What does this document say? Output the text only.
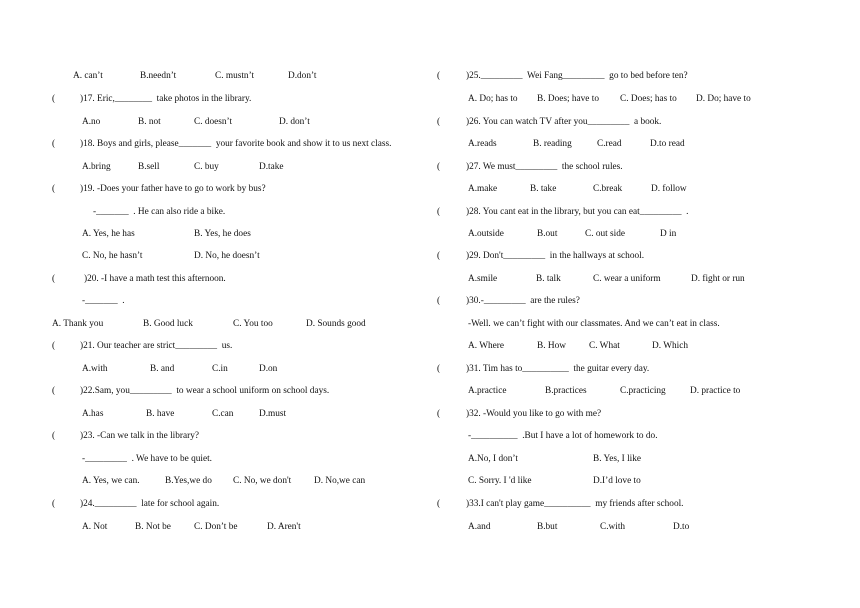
A. can’t	B.needn’t	C. mustn’t	D.don’t
(	)17. Eric,________  take photos in the library.
A.no	B. not	C. doesn’t	D. don’t
(	)18. Boys and girls, please_______  your favorite book and show it to us next class.
A.bring	B.sell	C. buy	D.take
(	)19. -Does your father have to go to work by bus?
-_______  . He can also ride a bike.
A. Yes, he has	B. Yes, he does
C. No, he hasn’t	D. No, he doesn’t
(	)20. -I have a math test this afternoon.
-_______  .
A. Thank you	B. Good luck	C. You too	D. Sounds good
(	)21. Our teacher are strict_________  us.
A.with	B. and	C.in	D.on
(	)22.Sam, you_________  to wear a school uniform on school days.
A.has	B. have	C.can	D.must
(	)23. -Can we talk in the library?
-_________  . We have to be quiet.
A. Yes, we can.	B.Yes,we do C. No, we don't D. No,we can
(	)24._________  late for school again.
A. Not	B. Not be C. Don’t be	D. Aren't
(	)25._________  Wei Fang_________  go to bed before ten?
A. Do; has to B. Does; have to C. Does; has to D. Do; have to
(	)26. You can watch TV after you_________  a book.
A.reads	B. reading	C.read	D.to read
(	)27. We must_________  the school rules.
A.make	B. take	C.break	D. follow
(	)28. You cant eat in the library, but you can eat_________  .
A.outside	B.out	C. out side	D in
(	)29. Don't_________  in the hallways at school.
A.smile	B. talk	C. wear a uniform	D. fight or run
(	)30.-_________  are the rules?
-Well. we can’t fight with our classmates. And we can’t eat in class.
A. Where	B. How C. What	D. Which
(	)31. Tim has to__________  the guitar every day.
A.practice	B.practices	C.practicing	D. practice to
(	)32. -Would you like to go with me?
-__________  .But I have a lot of homework to do.
A.No, I don’t	B. Yes, I like
C. Sorry. I 'd like	D.I’d love to
(	)33.I can't play game__________  my friends after school.
A.and	B.but	C.with	D.to
